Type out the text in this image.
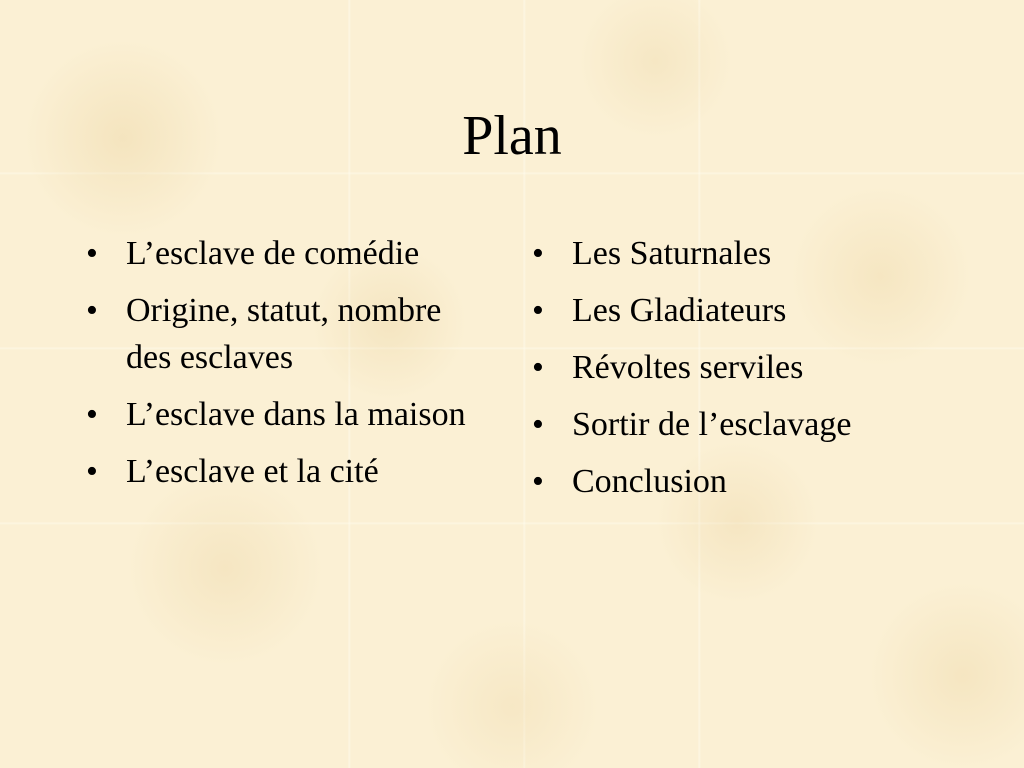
Plan
• L’esclave de comédie
• Origine, statut, nombre des esclaves
• L’esclave dans la maison
• L’esclave et la cité
• Les Saturnales
• Les Gladiateurs
• Révoltes serviles
• Sortir de l’esclavage
• Conclusion
